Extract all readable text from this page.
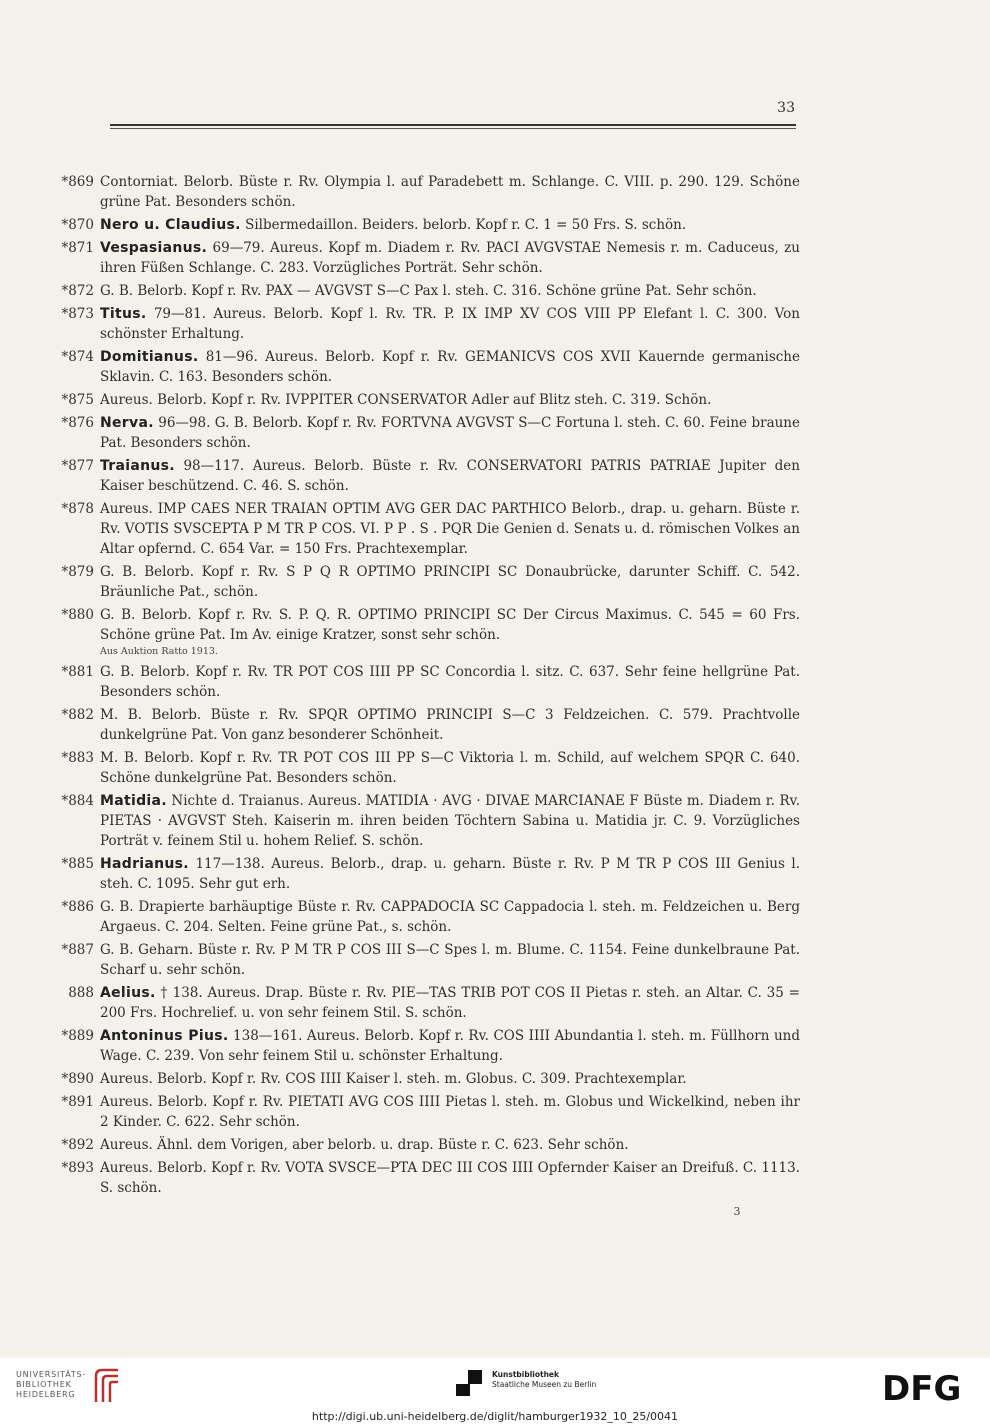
33
*869 Contorniat. Belorb. Büste r. Rv. Olympia l. auf Paradebett m. Schlange. C. VIII. p. 290. 129. Schöne grüne Pat. Besonders schön.
*870 Nero u. Claudius. Silbermedaillon. Beiders. belorb. Kopf r. C. 1 = 50 Frs. S. schön.
*871 Vespasianus. 69—79. Aureus. Kopf m. Diadem r. Rv. PACI AVGVSTAE Nemesis r. m. Caduceus, zu ihren Füßen Schlange. C. 283. Vorzügliches Porträt. Sehr schön.
*872 G. B. Belorb. Kopf r. Rv. PAX — AVGVST S—C Pax l. steh. C. 316. Schöne grüne Pat. Sehr schön.
*873 Titus. 79—81. Aureus. Belorb. Kopf l. Rv. TR. P. IX IMP XV COS VIII PP Elefant l. C. 300. Von schönster Erhaltung.
*874 Domitianus. 81—96. Aureus. Belorb. Kopf r. Rv. GEMANICVS COS XVII Kauernde germanische Sklavin. C. 163. Besonders schön.
*875 Aureus. Belorb. Kopf r. Rv. IVPPITER CONSERVATOR Adler auf Blitz steh. C. 319. Schön.
*876 Nerva. 96—98. G. B. Belorb. Kopf r. Rv. FORTVNA AVGVST S—C Fortuna l. steh. C. 60. Feine braune Pat. Besonders schön.
*877 Traianus. 98—117. Aureus. Belorb. Büste r. Rv. CONSERVATORI PATRIS PATRIAE Jupiter den Kaiser beschützend. C. 46. S. schön.
*878 Aureus. IMP CAES NER TRAIAN OPTIM AVG GER DAC PARTHICO Belorb., drap. u. geharn. Büste r. Rv. VOTIS SVSCEPTA P M TR P COS. VI. P P . S . PQR Die Genien d. Senats u. d. römischen Volkes an Altar opfernd. C. 654 Var. = 150 Frs. Prachtexemplar.
*879 G. B. Belorb. Kopf r. Rv. S P Q R OPTIMO PRINCIPI SC Donaubrücke, darunter Schiff. C. 542. Bräunliche Pat., schön.
*880 G. B. Belorb. Kopf r. Rv. S. P. Q. R. OPTIMO PRINCIPI SC Der Circus Maximus. C. 545 = 60 Frs. Schöne grüne Pat. Im Av. einige Kratzer, sonst sehr schön.
Aus Auktion Ratto 1913.
*881 G. B. Belorb. Kopf r. Rv. TR POT COS IIII PP SC Concordia l. sitz. C. 637. Sehr feine hellgrüne Pat. Besonders schön.
*882 M. B. Belorb. Büste r. Rv. SPQR OPTIMO PRINCIPI S—C 3 Feldzeichen. C. 579. Prachtvolle dunkelgrüne Pat. Von ganz besonderer Schönheit.
*883 M. B. Belorb. Kopf r. Rv. TR POT COS III PP S—C Viktoria l. m. Schild, auf welchem SPQR C. 640. Schöne dunkelgrüne Pat. Besonders schön.
*884 Matidia. Nichte d. Traianus. Aureus. MATIDIA · AVG · DIVAE MARCIANAE F Büste m. Diadem r. Rv. PIETAS · AVGVST Steh. Kaiserin m. ihren beiden Töchtern Sabina u. Matidia jr. C. 9. Vorzügliches Porträt v. feinem Stil u. hohem Relief. S. schön.
*885 Hadrianus. 117—138. Aureus. Belorb., drap. u. geharn. Büste r. Rv. P M TR P COS III Genius l. steh. C. 1095. Sehr gut erh.
*886 G. B. Drapierte barhäuptige Büste r. Rv. CAPPADOCIA SC Cappadocia l. steh. m. Feldzeichen u. Berg Argaeus. C. 204. Selten. Feine grüne Pat., s. schön.
*887 G. B. Geharn. Büste r. Rv. P M TR P COS III S—C Spes l. m. Blume. C. 1154. Feine dunkelbraune Pat. Scharf u. sehr schön.
888 Aelius. † 138. Aureus. Drap. Büste r. Rv. PIE—TAS TRIB POT COS II Pietas r. steh. an Altar. C. 35 = 200 Frs. Hochrelief. u. von sehr feinem Stil. S. schön.
*889 Antoninus Pius. 138—161. Aureus. Belorb. Kopf r. Rv. COS IIII Abundantia l. steh. m. Füllhorn und Wage. C. 239. Von sehr feinem Stil u. schönster Erhaltung.
*890 Aureus. Belorb. Kopf r. Rv. COS IIII Kaiser l. steh. m. Globus. C. 309. Prachtexemplar.
*891 Aureus. Belorb. Kopf r. Rv. PIETATI AVG COS IIII Pietas l. steh. m. Globus und Wickelkind, neben ihr 2 Kinder. C. 622. Sehr schön.
*892 Aureus. Ähnl. dem Vorigen, aber belorb. u. drap. Büste r. C. 623. Sehr schön.
*893 Aureus. Belorb. Kopf r. Rv. VOTA SVSCE—PTA DEC III COS IIII Opfernder Kaiser an Dreifuß. C. 1113. S. schön.
3
UNIVERSITÄTS-
BIBLIOTHEK
HEIDELBERG
Kunstbibliothek
Staatliche Museen zu Berlin	DFG
http://digi.ub.uni-heidelberg.de/diglit/hamburger1932_10_25/0041
